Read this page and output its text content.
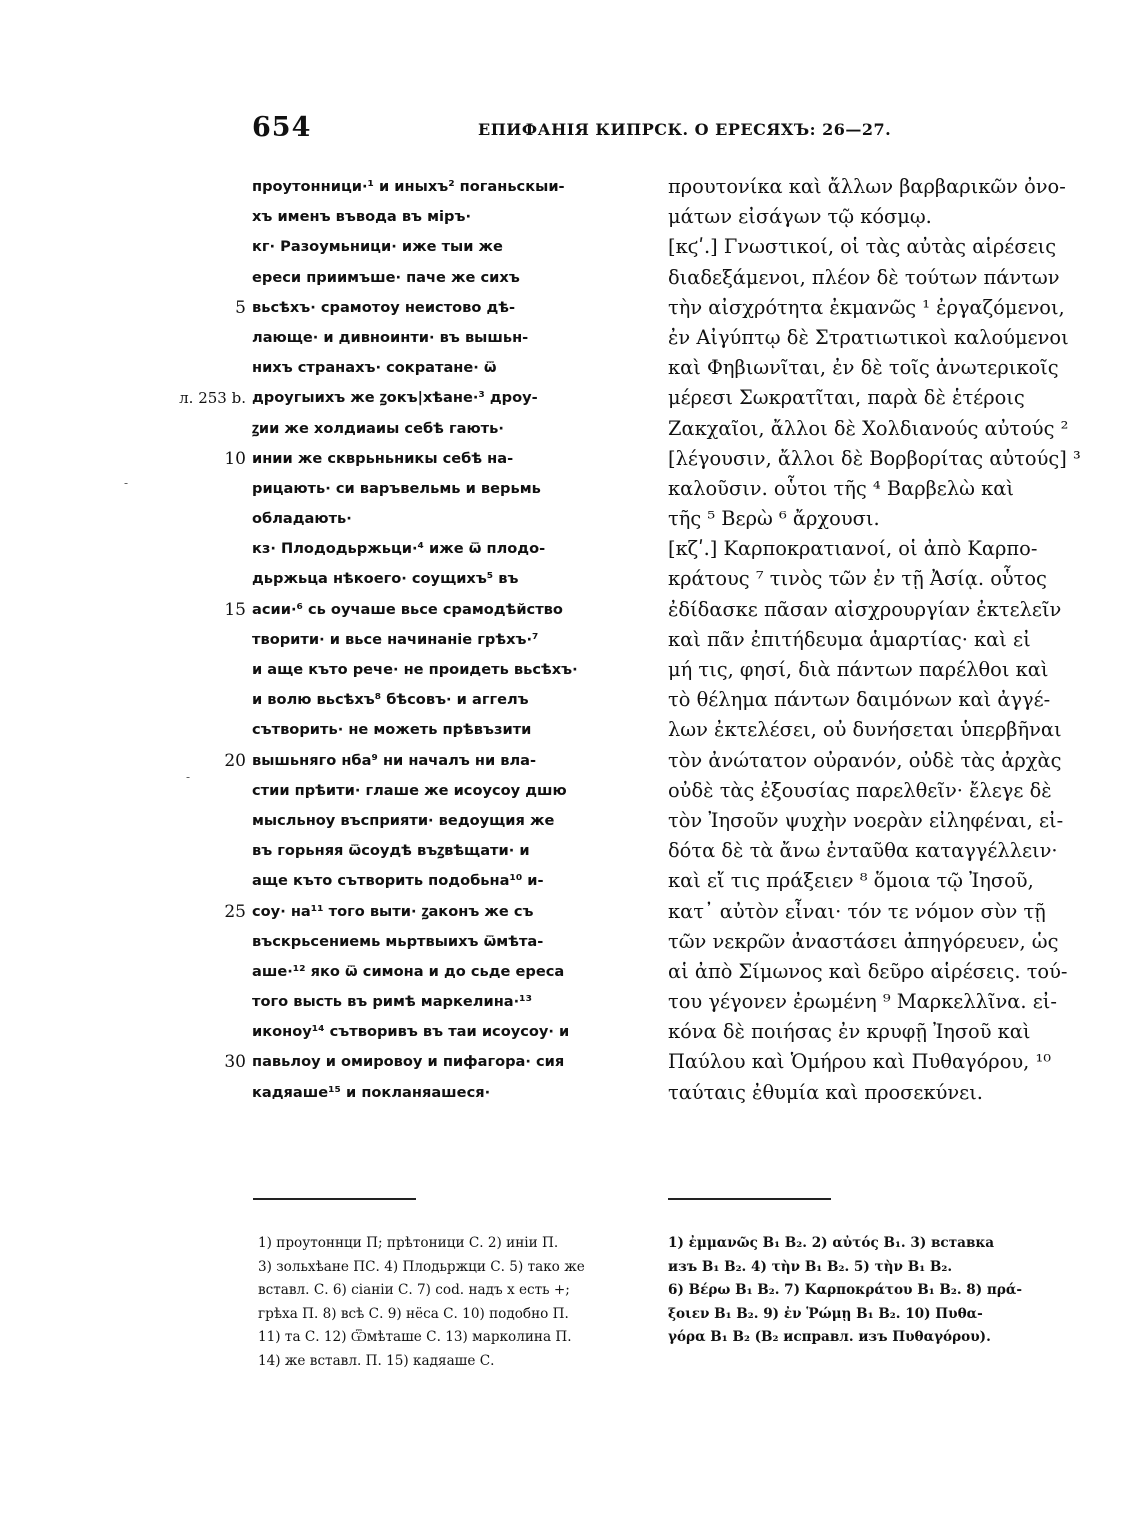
654	ЕПИФАНІЯ КИПРСК. О ЕРЕСЯХЪ: 26—27.
проутонници·¹ и иныхъ² поганьскыи-
хъ именъ въвода въ міръ·
кг· Разоумьници· иже тыи же
ереси приимъше· паче же сихъ
5 вьсѣхъ· срамотоу неистово дѣ-
лающе· и дивноинти· въ вышьн-
нихъ странахъ· сократане· ѿ
л. 253 b. дроугыихъ же ꙁокъ|хѣане·³ дроу-
ꙁии же холдиаиы себѣ гають·
10 инии же скврьньникы себѣ на-
рицають· си варъвельмь и верьмь
обладають·
кз· Плододьржьци·⁴ иже ѿ плодо-
дьржьца нѣкоего· соущихъ⁵ въ
15 асии·⁶ сь оучаше вьсе срамодѣйство
творити· и вьсе начинаніе грѣхъ·⁷
и аще къто рече· не проидеть вьсѣхъ·
и волю вьсѣхъ⁸ бѣсовъ· и аггелъ
сътворить· не можеть прѣвъзити
20 вышьнягo нба⁹ ни началъ ни вла-
стии прѣити· глаше же исоусоу дшю
мысльноу въсприяти· ведоущия же
въ горьняя ѿсоудѣ въꙁвѣщати· и
аще къто сътворить подобьна¹⁰ и-
25 соу· на¹¹ того выти· ꙁаконъ же съ
въскрьсениемь мьртвыихъ ѿмѣта-
аше·¹² яко ѿ симона и до сьде ереса
того высть въ римѣ маркелина·¹³
иконоу¹⁴ сътворивъ въ таи исоусоу· и
30 павьлоу и омировоу и пифагора· сия
кадяаше¹⁵ и покланяашеся·
προυτονίκα καὶ ἄλλων βαρβαρικῶν ὀνο-
μάτων εἰσάγων τῷ κόσμῳ.
[κϛʹ.] Γνωστικοί, οἱ τὰς αὐτὰς αἱρέσεις
διαδεξάμενοι, πλέον δὲ τούτων πάντων
τὴν αἰσχρότητα ἐκμανῶς ¹ ἐργαζόμενοι,
ἐν Αἰγύπτῳ δὲ Στρατιωτικοὶ καλούμενοι
καὶ Φηβιωνῖται, ἐν δὲ τοῖς ἀνωτερικοῖς
μέρεσι Σωκρατῖται, παρὰ δὲ ἑτέροις
Ζακχαῖοι, ἄλλοι δὲ Χολδιανούς αὐτούς ²
[λέγουσιν, ἄλλοι δὲ Βορβορίτας αὐτούς] ³
καλοῦσιν. οὗτοι τῆς ⁴ Βαρβελὼ καὶ
τῆς ⁵ Βερὼ ⁶ ἄρχουσι.
[κζʹ.] Καρποκρατιανοί, οἱ ἀπὸ Καρπο-
κράτους ⁷ τινὸς τῶν ἐν τῇ Ἀσίᾳ. οὗτος
ἐδίδασκε πᾶσαν αἰσχρουργίαν ἐκτελεῖν
καὶ πᾶν ἐπιτήδευμα ἁμαρτίας· καὶ εἰ
μή τις, φησί, διὰ πάντων παρέλθοι καὶ
τὸ θέλημα πάντων δαιμόνων καὶ ἀγγέ-
λων ἐκτελέσει, οὐ δυνήσεται ὑπερβῆναι
τὸν ἀνώτατον οὐρανόν, οὐδὲ τὰς ἀρχὰς
οὐδὲ τὰς ἐξουσίας παρελθεῖν· ἔλεγε δὲ
τὸν Ἰησοῦν ψυχὴν νοερὰν εἰληφέναι, εἰ-
δότα δὲ τὰ ἄνω ἐνταῦθα καταγγέλλειν·
καὶ εἴ τις πράξειεν ⁸ ὅμοια τῷ Ἰησοῦ,
κατ᾽ αὐτὸν εἶναι· τόν τε νόμον σὺν τῇ
τῶν νεκρῶν ἀναστάσει ἀπηγόρευεν, ὡς
αἱ ἀπὸ Σίμωνος καὶ δεῦρο αἱρέσεις. τού-
του γέγονεν ἐρωμένη ⁹ Μαρκελλῖνα. εἰ-
κόνα δὲ ποιήσας ἐν κρυφῇ Ἰησοῦ καὶ
Παύλου καὶ Ὁμήρου καὶ Πυθαγόρου, ¹⁰
ταύταις ἐθυμία καὶ προσεκύνει.
1) проутоннци П; прѣтоници С. 2) иніи П.
3) зольхѣане ПС. 4) Плодьржци С. 5) тако же
вставл. С. 6) сіаніи С. 7) cod. надъ х есть +;
грѣха П. 8) всѣ С. 9) нёса С. 10) подобно П.
11) та С. 12) Ѿмѣташе С. 13) марколина П.
14) же вставл. П. 15) кадяаше С.
1) ἐμμανῶς B₁ B₂. 2) αὐτός B₁. 3) вставка
изъ B₁ B₂. 4) τὴν B₁ B₂. 5) τὴν B₁ B₂.
6) Βέρω B₁ B₂. 7) Καρποκράτου B₁ B₂. 8) πρά-
ξοιεν B₁ B₂. 9) ἐν Ῥώμῃ B₁ B₂. 10) Πυθα-
γόρα B₁ B₂ (B₂ исправл. изъ Πυθαγόρου).
-
-
